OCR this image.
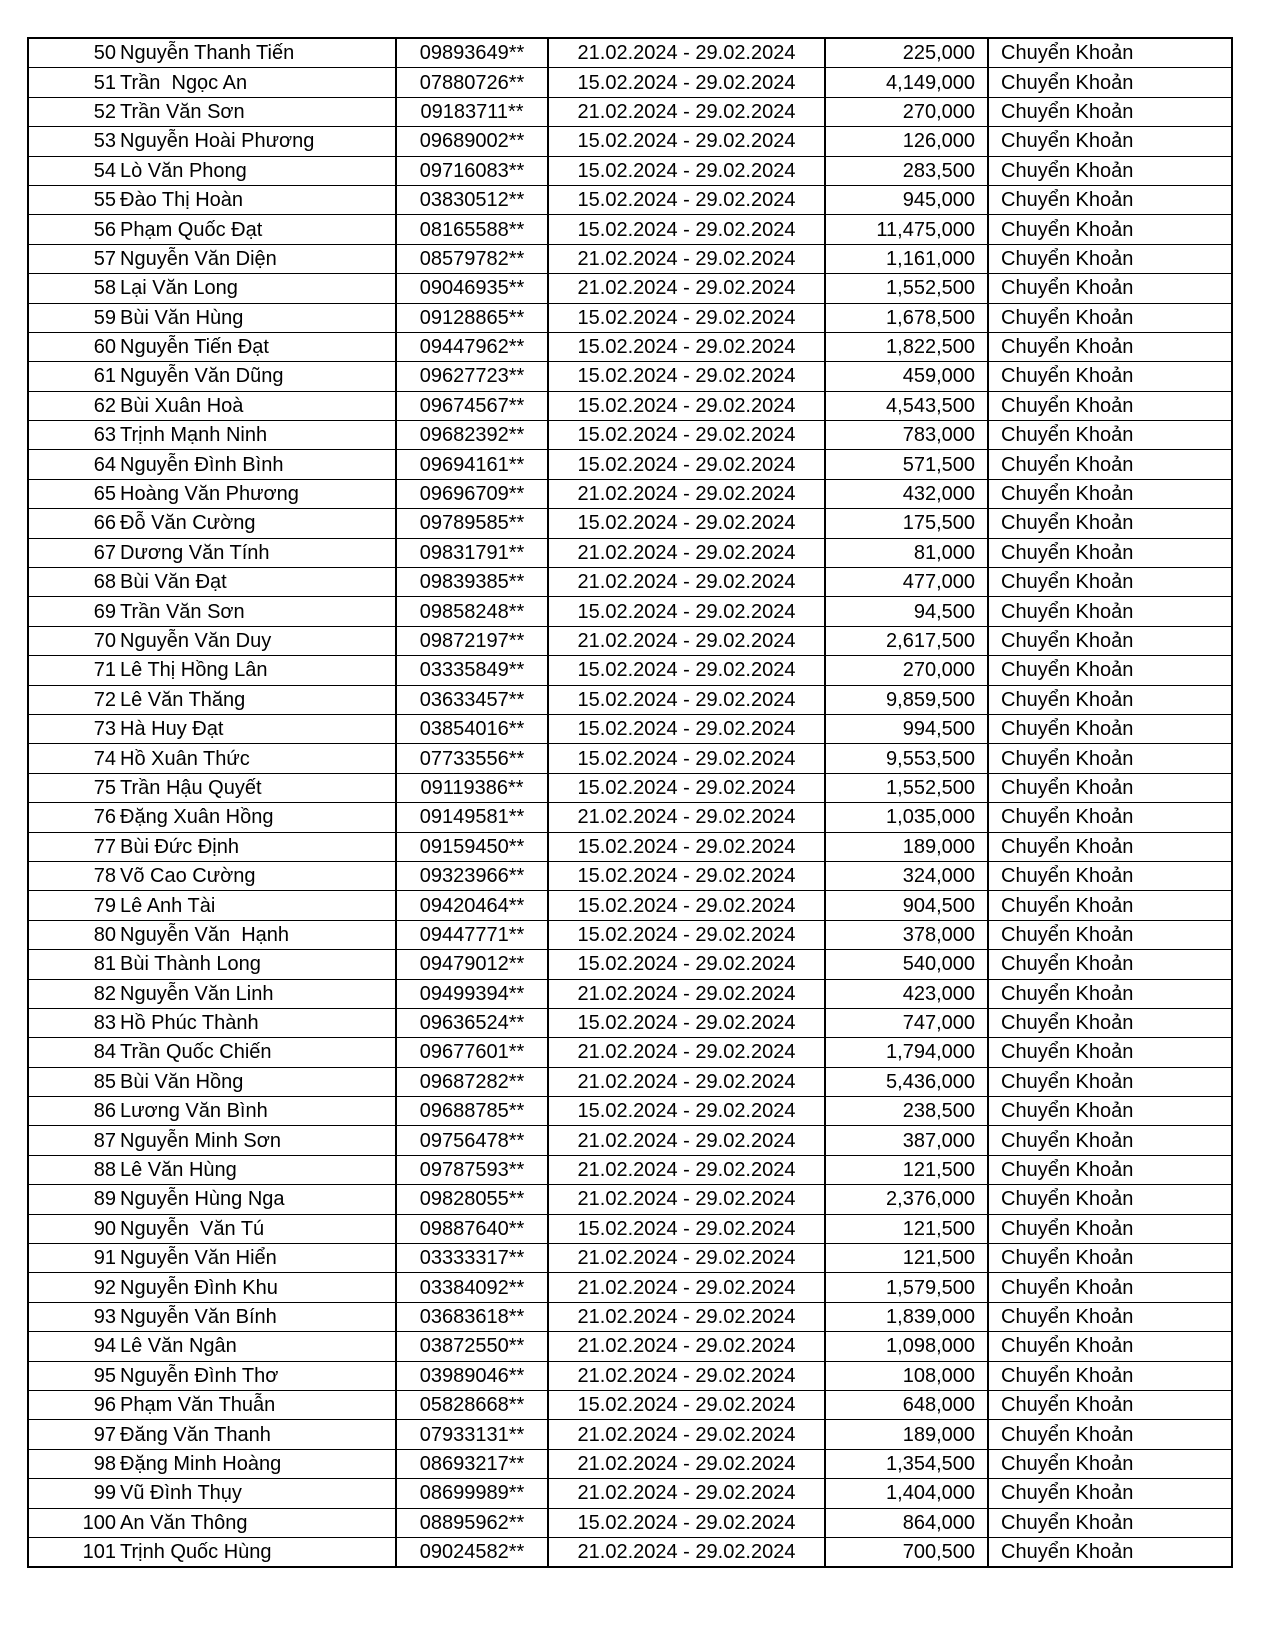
50	Nguyễn Thanh Tiến	09893649**	21.02.2024 - 29.02.2024	225,000	Chuyển Khoản
51	Trần  Ngọc An	07880726**	15.02.2024 - 29.02.2024	4,149,000	Chuyển Khoản
52	Trần Văn Sơn	09183711**	21.02.2024 - 29.02.2024	270,000	Chuyển Khoản
53	Nguyễn Hoài Phương	09689002**	15.02.2024 - 29.02.2024	126,000	Chuyển Khoản
54	Lò Văn Phong	09716083**	15.02.2024 - 29.02.2024	283,500	Chuyển Khoản
55	Đào Thị Hoàn	03830512**	15.02.2024 - 29.02.2024	945,000	Chuyển Khoản
56	Phạm Quốc Đạt	08165588**	15.02.2024 - 29.02.2024	11,475,000	Chuyển Khoản
57	Nguyễn Văn Diện	08579782**	21.02.2024 - 29.02.2024	1,161,000	Chuyển Khoản
58	Lại Văn Long	09046935**	21.02.2024 - 29.02.2024	1,552,500	Chuyển Khoản
59	Bùi Văn Hùng	09128865**	15.02.2024 - 29.02.2024	1,678,500	Chuyển Khoản
60	Nguyễn Tiến Đạt	09447962**	15.02.2024 - 29.02.2024	1,822,500	Chuyển Khoản
61	Nguyễn Văn Dũng	09627723**	15.02.2024 - 29.02.2024	459,000	Chuyển Khoản
62	Bùi Xuân Hoà	09674567**	15.02.2024 - 29.02.2024	4,543,500	Chuyển Khoản
63	Trịnh Mạnh Ninh	09682392**	15.02.2024 - 29.02.2024	783,000	Chuyển Khoản
64	Nguyễn Đình Bình	09694161**	15.02.2024 - 29.02.2024	571,500	Chuyển Khoản
65	Hoàng Văn Phương	09696709**	21.02.2024 - 29.02.2024	432,000	Chuyển Khoản
66	Đỗ Văn Cường	09789585**	15.02.2024 - 29.02.2024	175,500	Chuyển Khoản
67	Dương Văn Tính	09831791**	21.02.2024 - 29.02.2024	81,000	Chuyển Khoản
68	Bùi Văn Đạt	09839385**	21.02.2024 - 29.02.2024	477,000	Chuyển Khoản
69	Trần Văn Sơn	09858248**	15.02.2024 - 29.02.2024	94,500	Chuyển Khoản
70	Nguyễn Văn Duy	09872197**	21.02.2024 - 29.02.2024	2,617,500	Chuyển Khoản
71	Lê Thị Hồng Lân	03335849**	15.02.2024 - 29.02.2024	270,000	Chuyển Khoản
72	Lê Văn Thăng	03633457**	15.02.2024 - 29.02.2024	9,859,500	Chuyển Khoản
73	Hà Huy Đạt	03854016**	15.02.2024 - 29.02.2024	994,500	Chuyển Khoản
74	Hồ Xuân Thức	07733556**	15.02.2024 - 29.02.2024	9,553,500	Chuyển Khoản
75	Trần Hậu Quyết	09119386**	15.02.2024 - 29.02.2024	1,552,500	Chuyển Khoản
76	Đặng Xuân Hồng	09149581**	21.02.2024 - 29.02.2024	1,035,000	Chuyển Khoản
77	Bùi Đức Định	09159450**	15.02.2024 - 29.02.2024	189,000	Chuyển Khoản
78	Võ Cao Cường	09323966**	15.02.2024 - 29.02.2024	324,000	Chuyển Khoản
79	Lê Anh Tài	09420464**	15.02.2024 - 29.02.2024	904,500	Chuyển Khoản
80	Nguyễn Văn  Hạnh	09447771**	15.02.2024 - 29.02.2024	378,000	Chuyển Khoản
81	Bùi Thành Long	09479012**	15.02.2024 - 29.02.2024	540,000	Chuyển Khoản
82	Nguyễn Văn Linh	09499394**	21.02.2024 - 29.02.2024	423,000	Chuyển Khoản
83	Hồ Phúc Thành	09636524**	15.02.2024 - 29.02.2024	747,000	Chuyển Khoản
84	Trần Quốc Chiến	09677601**	21.02.2024 - 29.02.2024	1,794,000	Chuyển Khoản
85	Bùi Văn Hồng	09687282**	21.02.2024 - 29.02.2024	5,436,000	Chuyển Khoản
86	Lương Văn Bình	09688785**	15.02.2024 - 29.02.2024	238,500	Chuyển Khoản
87	Nguyễn Minh Sơn	09756478**	21.02.2024 - 29.02.2024	387,000	Chuyển Khoản
88	Lê Văn Hùng	09787593**	21.02.2024 - 29.02.2024	121,500	Chuyển Khoản
89	Nguyễn Hùng Nga	09828055**	21.02.2024 - 29.02.2024	2,376,000	Chuyển Khoản
90	Nguyễn  Văn Tú	09887640**	15.02.2024 - 29.02.2024	121,500	Chuyển Khoản
91	Nguyễn Văn Hiển	03333317**	21.02.2024 - 29.02.2024	121,500	Chuyển Khoản
92	Nguyễn Đình Khu	03384092**	21.02.2024 - 29.02.2024	1,579,500	Chuyển Khoản
93	Nguyễn Văn Bính	03683618**	21.02.2024 - 29.02.2024	1,839,000	Chuyển Khoản
94	Lê Văn Ngân	03872550**	21.02.2024 - 29.02.2024	1,098,000	Chuyển Khoản
95	Nguyễn Đình Thơ	03989046**	21.02.2024 - 29.02.2024	108,000	Chuyển Khoản
96	Phạm Văn Thuẫn	05828668**	15.02.2024 - 29.02.2024	648,000	Chuyển Khoản
97	Đăng Văn Thanh	07933131**	21.02.2024 - 29.02.2024	189,000	Chuyển Khoản
98	Đặng Minh Hoàng	08693217**	21.02.2024 - 29.02.2024	1,354,500	Chuyển Khoản
99	Vũ Đình Thụy	08699989**	21.02.2024 - 29.02.2024	1,404,000	Chuyển Khoản
100	An Văn Thông	08895962**	15.02.2024 - 29.02.2024	864,000	Chuyển Khoản
101	Trịnh Quốc Hùng	09024582**	21.02.2024 - 29.02.2024	700,500	Chuyển Khoản
